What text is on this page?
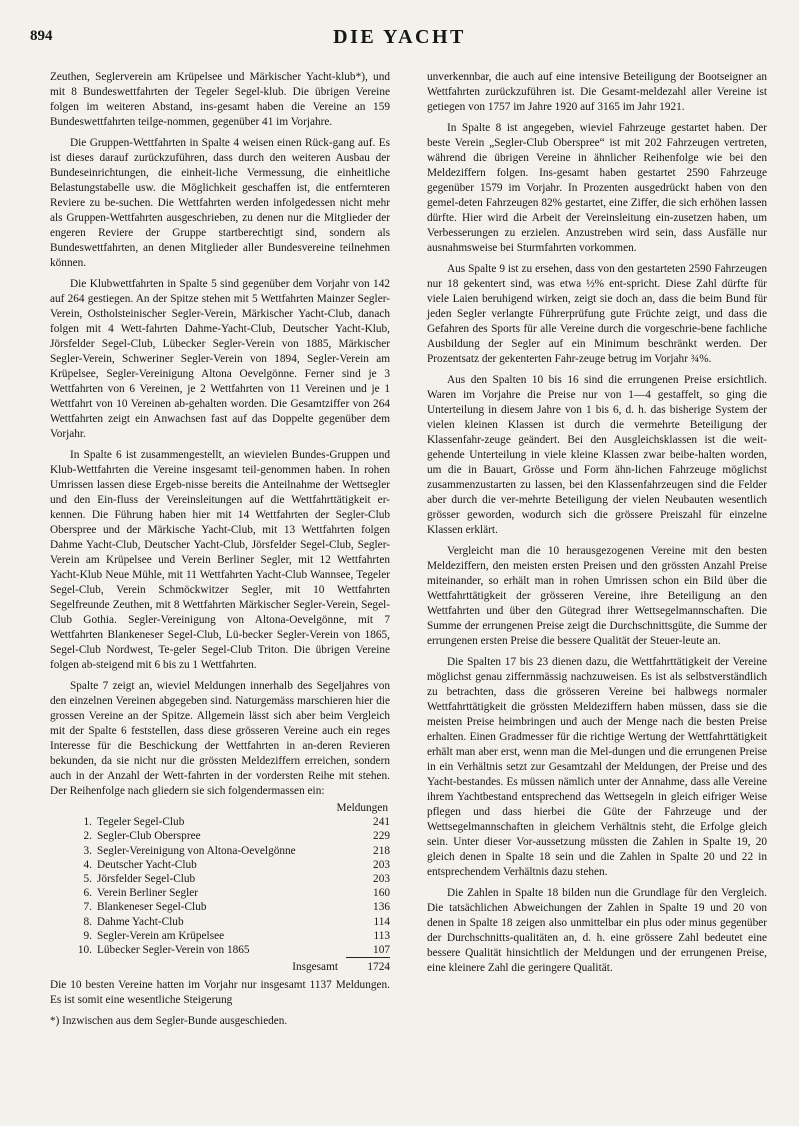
894	DIE YACHT

Zeuthen, Seglerverein am Krüpelsee und Märkischer Yacht-klub*), und mit 8 Bundeswettfahrten der Tegeler Segel-klub. Die übrigen Vereine folgen im weiteren Abstand, ins-gesamt haben die Vereine an 159 Bundeswettfahrten teilge-nommen, gegenüber 41 im Vorjahre.

Die Gruppen-Wettfahrten in Spalte 4 weisen einen Rück-gang auf. Es ist dieses darauf zurückzuführen, dass durch den weiteren Ausbau der Bundeseinrichtungen, die einheit-liche Vermessung, die einheitliche Belastungstabelle usw. die Möglichkeit geschaffen ist, die entfernteren Reviere zu be-suchen. Die Wettfahrten werden infolgedessen nicht mehr als Gruppen-Wettfahrten ausgeschrieben, zu denen nur die Mitglieder der engeren Reviere der Gruppe startberechtigt sind, sondern als Bundeswettfahrten, an denen Mitglieder aller Bundesvereine teilnehmen können.

Die Klubwettfahrten in Spalte 5 sind gegenüber dem Vorjahr von 142 auf 264 gestiegen. An der Spitze stehen mit 5 Wettfahrten Mainzer Segler-Verein, Ostholsteinischer Segler-Verein, Märkischer Yacht-Club, danach folgen mit 4 Wett-fahrten Dahme-Yacht-Club, Deutscher Yacht-Klub, Jörsfelder Segel-Club, Lübecker Segler-Verein von 1885, Märkischer Segler-Verein, Schweriner Segler-Verein von 1894, Segler-Verein am Krüpelsee, Segler-Vereinigung Altona Oevelgönne. Ferner sind je 3 Wettfahrten von 6 Vereinen, je 2 Wettfahrten von 11 Vereinen und je 1 Wettfahrt von 10 Vereinen ab-gehalten worden. Die Gesamtziffer von 264 Wettfahrten zeigt ein Anwachsen fast auf das Doppelte gegenüber dem Vorjahr.

In Spalte 6 ist zusammengestellt, an wievielen Bundes-Gruppen und Klub-Wettfahrten die Vereine insgesamt teil-genommen haben. In rohen Umrissen lassen diese Ergeb-nisse bereits die Anteilnahme der Wettsegler und den Ein-fluss der Vereinsleitungen auf die Wettfahrttätigkeit er-kennen. Die Führung haben hier mit 14 Wettfahrten der Segler-Club Oberspree und der Märkische Yacht-Club, mit 13 Wettfahrten folgen Dahme Yacht-Club, Deutscher Yacht-Club, Jörsfelder Segel-Club, Segler-Verein am Krüpelsee und Verein Berliner Segler, mit 12 Wettfahrten Yacht-Klub Neue Mühle, mit 11 Wettfahrten Yacht-Club Wannsee, Tegeler Segel-Club, Verein Schmöckwitzer Segler, mit 10 Wettfahrten Segelfreunde Zeuthen, mit 8 Wettfahrten Märkischer Segler-Verein, Segel-Club Gothia. Segler-Vereinigung von Altona-Oevelgönne, mit 7 Wettfahrten Blankeneser Segel-Club, Lü-becker Segler-Verein von 1865, Segel-Club Nordwest, Te-geler Segel-Club Triton. Die übrigen Vereine folgen ab-steigend mit 6 bis zu 1 Wettfahrten.

Spalte 7 zeigt an, wieviel Meldungen innerhalb des Segeljahres von den einzelnen Vereinen abgegeben sind. Naturgemäss marschieren hier die grossen Vereine an der Spitze. Allgemein lässt sich aber beim Vergleich mit der Spalte 6 feststellen, dass diese grösseren Vereine auch ein reges Interesse für die Beschickung der Wettfahrten in an-deren Revieren bekunden, da sie nicht nur die grössten Meldeziffern erreichen, sondern auch in der Anzahl der Wett-fahrten in der vordersten Reihe mit stehen. Der Reihenfolge nach gliedern sie sich folgendermassen ein:

Meldungen
1. Tegeler Segel-Club	241
2. Segler-Club Oberspree	229
3. Segler-Vereinigung von Altona-Oevelgönne	218
4. Deutscher Yacht-Club	203
5. Jörsfelder Segel-Club	203
6. Verein Berliner Segler	160
7. Blankeneser Segel-Club	136
8. Dahme Yacht-Club	114
9. Segler-Verein am Krüpelsee	113
10. Lübecker Segler-Verein von 1865	107
Insgesamt	1724

Die 10 besten Vereine hatten im Vorjahr nur insgesamt 1137 Meldungen. Es ist somit eine wesentliche Steigerung

*) Inzwischen aus dem Segler-Bunde ausgeschieden.

unverkennbar, die auch auf eine intensive Beteiligung der Bootseigner an Wettfahrten zurückzuführen ist. Die Gesamt-meldezahl aller Vereine ist getiegen von 1757 im Jahre 1920 auf 3165 im Jahr 1921.

In Spalte 8 ist angegeben, wieviel Fahrzeuge gestartet haben. Der beste Verein „Segler-Club Oberspree“ ist mit 202 Fahrzeugen vertreten, während die übrigen Vereine in ähnlicher Reihenfolge wie bei den Meldeziffern folgen. Ins-gesamt haben gestartet 2590 Fahrzeuge gegenüber 1579 im Vorjahr. In Prozenten ausgedrückt haben von den gemel-deten Fahrzeugen 82% gestartet, eine Ziffer, die sich erhöhen lassen dürfte. Hier wird die Arbeit der Vereinsleitung ein-zusetzen haben, um Verbesserungen zu erzielen. Anzustreben wird sein, dass Ausfälle nur ausnahmsweise bei Sturmfahrten vorkommen.

Aus Spalte 9 ist zu ersehen, dass von den gestarteten 2590 Fahrzeugen nur 18 gekentert sind, was etwa ½% ent-spricht. Diese Zahl dürfte für viele Laien beruhigend wirken, zeigt sie doch an, dass die beim Bund für jeden Segler verlangte Führerprüfung gute Früchte zeigt, und dass die Gefahren des Sports für alle Vereine durch die vorgeschrie-bene fachliche Ausbildung der Segler auf ein Minimum beschränkt werden. Der Prozentsatz der gekenterten Fahr-zeuge betrug im Vorjahr ¾%.

Aus den Spalten 10 bis 16 sind die errungenen Preise ersichtlich. Waren im Vorjahre die Preise nur von 1—4 gestaffelt, so ging die Unterteilung in diesem Jahre von 1 bis 6, d. h. das bisherige System der vielen kleinen Klassen ist durch die vermehrte Beteiligung der Klassenfahr-zeuge geändert. Bei den Ausgleichsklassen ist die weit-gehende Unterteilung in viele kleine Klassen zwar beibe-halten worden, um die in Bauart, Grösse und Form ähn-lichen Fahrzeuge möglichst zusammenzustarten zu lassen, bei den Klassenfahrzeugen sind die Felder aber durch die ver-mehrte Beteiligung der vielen Neubauten wesentlich grösser geworden, wodurch sich die grössere Preiszahl für einzelne Klassen erklärt.

Vergleicht man die 10 herausgezogenen Vereine mit den besten Meldeziffern, den meisten ersten Preisen und den grössten Anzahl Preise miteinander, so erhält man in rohen Umrissen schon ein Bild über die Wettfahrttätigkeit der grösseren Vereine, ihre Beteiligung an den Wettfahrten und über den Gütegrad ihrer Wettsegelmannschaften. Die Summe der errungenen Preise zeigt die Durchschnittsgüte, die Summe der errungenen ersten Preise die bessere Qualität der Steuer-leute an.

Die Spalten 17 bis 23 dienen dazu, die Wettfahrttätigkeit der Vereine möglichst genau ziffernmässig nachzuweisen. Es ist als selbstverständlich zu betrachten, dass die grösseren Vereine bei halbwegs normaler Wettfahrttätigkeit die grössten Meldeziffern haben müssen, dass sie die meisten Preise heimbringen und auch der Menge nach die besten Preise erhalten. Einen Gradmesser für die richtige Wertung der Wettfahrttätigkeit erhält man aber erst, wenn man die Mel-dungen und die errungenen Preise in ein Verhältnis setzt zur Gesamtzahl der Meldungen, der Preise und des Yacht-bestandes. Es müssen nämlich unter der Annahme, dass alle Vereine ihrem Yachtbestand entsprechend das Wettsegeln in gleich eifriger Weise pflegen und dass hierbei die Güte der Fahrzeuge und der Wettsegelmannschaften in gleichem Verhältnis steht, die Erfolge gleich sein. Unter dieser Vor-aussetzung müssten die Zahlen in Spalte 19, 20 gleich denen in Spalte 18 sein und die Zahlen in Spalte 20 und 22 in entsprechendem Verhältnis dazu stehen.

Die Zahlen in Spalte 18 bilden nun die Grundlage für den Vergleich. Die tatsächlichen Abweichungen der Zahlen in Spalte 19 und 20 von denen in Spalte 18 zeigen also unmittelbar ein plus oder minus gegenüber der Durchschnitts-qualitäten an, d. h. eine grössere Zahl bedeutet eine bessere Qualität hinsichtlich der Meldungen und der errungenen Preise, eine kleinere Zahl die geringere Qualität.
